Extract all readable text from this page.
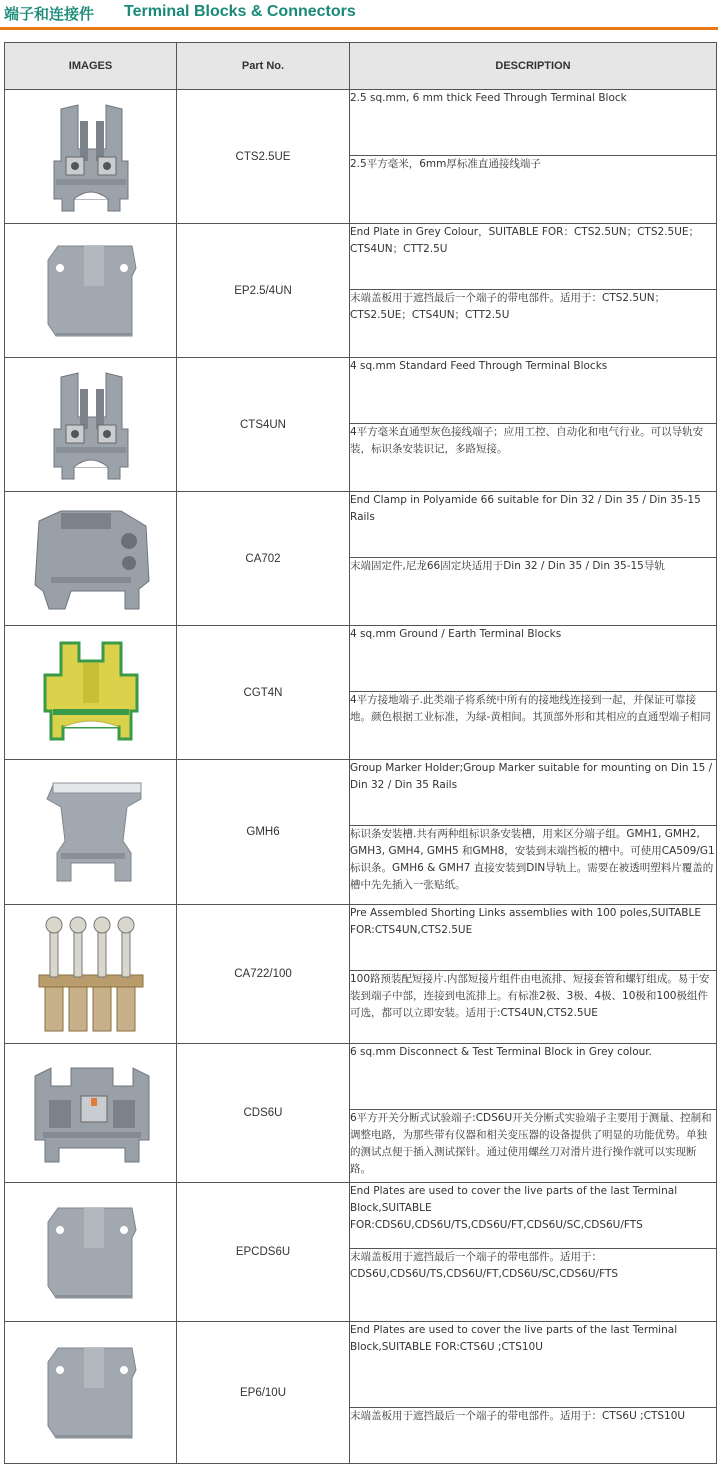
端子和连接件 Terminal Blocks & Connectors
IMAGES	Part No.	DESCRIPTION

	CTS2.5UE	2.5 sq.mm, 6 mm thick Feed Through Terminal Block
		2.5平方毫米，6mm厚标准直通接线端子

	EP2.5/4UN	End Plate in Grey Colour，SUITABLE FOR：CTS2.5UN；CTS2.5UE；CTS4UN；CTT2.5U
		末端盖板用于遮挡最后一个端子的带电部件。适用于：CTS2.5UN；CTS2.5UE；CTS4UN；CTT2.5U

	CTS4UN	4 sq.mm Standard Feed Through Terminal Blocks
		4平方毫米直通型灰色接线端子；应用工控、自动化和电气行业。可以导轨安装，标识条安装识记，多路短接。

	CA702	End Clamp in Polyamide 66 suitable for Din 32 / Din 35 / Din 35-15 Rails
		末端固定件,尼龙66固定块适用于Din 32 / Din 35 / Din 35-15导轨

	CGT4N	4 sq.mm Ground / Earth Terminal Blocks
		4平方接地端子.此类端子将系统中所有的接地线连接到一起，并保证可靠接地。颜色根据工业标准，为绿-黄相间。其顶部外形和其相应的直通型端子相同

	GMH6	Group Marker Holder;Group Marker suitable for mounting on Din 15 / Din 32 / Din 35 Rails
		标识条安装槽.共有两种组标识条安装槽，用来区分端子组。GMH1, GMH2, GMH3, GMH4, GMH5 和GMH8，安装到末端挡板的槽中。可使用CA509/G1 标识条。GMH6 & GMH7 直接安装到DIN导轨上。需要在被透明塑料片覆盖的槽中先先插入一张贴纸。

	CA722/100	Pre Assembled Shorting Links assemblies with 100 poles,SUITABLE FOR:CTS4UN,CTS2.5UE
		100路预装配短接片.内部短接片组件由电流排、短接套管和螺钉组成。易于安装到端子中部，连接到电流排上。有标准2极、3极、4极、10极和100极组件可选，都可以立即安装。适用于:CTS4UN,CTS2.5UE

	CDS6U	6 sq.mm Disconnect & Test Terminal Block in Grey colour.
		6平方开关分断式试验端子:CDS6U开关分断式实验端子主要用于测量、控制和调整电路，为那些带有仪器和相关变压器的设备提供了明显的功能优势。单独的测试点便于插入测试探针。通过使用螺丝刀对滑片进行操作就可以实现断路。

	EPCDS6U	End Plates are used to cover the live parts of the last Terminal Block,SUITABLE FOR:CDS6U,CDS6U/TS,CDS6U/FT,CDS6U/SC,CDS6U/FTS
		末端盖板用于遮挡最后一个端子的带电部件。适用于：CDS6U,CDS6U/TS,CDS6U/FT,CDS6U/SC,CDS6U/FTS

	EP6/10U	End Plates are used to cover the live parts of the last Terminal Block,SUITABLE FOR:CTS6U ;CTS10U
		末端盖板用于遮挡最后一个端子的带电部件。适用于：CTS6U ;CTS10U
